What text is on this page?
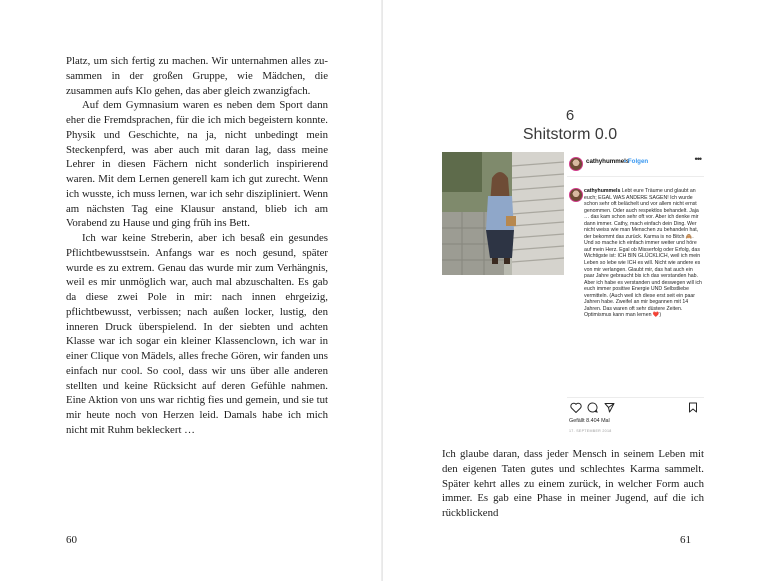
Platz, um sich fertig zu machen. Wir unternahmen alles zusammen in der großen Gruppe, wie Mädchen, die zusammen aufs Klo gehen, das aber gleich zwanzigfach.

Auf dem Gymnasium waren es neben dem Sport dann eher die Fremdsprachen, für die ich mich begeistern konnte. Physik und Geschichte, na ja, nicht unbedingt mein Steckenpferd, was aber auch mit daran lag, dass meine Lehrer in diesen Fächern nicht sonderlich inspirierend waren. Mit dem Lernen generell kam ich gut zurecht. Wenn ich wusste, ich muss lernen, war ich sehr diszipliniert. Wenn am nächsten Tag eine Klausur anstand, blieb ich am Vorabend zu Hause und ging früh ins Bett.

Ich war keine Streberin, aber ich besaß ein gesundes Pflichtbewusstsein. Anfangs war es noch gesund, später wurde es zu extrem. Genau das wurde mir zum Verhängnis, weil es mir unmöglich war, auch mal abzuschalten. Es gab da diese zwei Pole in mir: nach innen ehrgeizig, pflichtbewusst, verbissen; nach außen locker, lustig, den inneren Druck überspielend. In der siebten und achten Klasse war ich sogar ein kleiner Klassenclown, ich war in einer Clique von Mädels, alles freche Gören, wir fanden uns einfach nur cool. So cool, dass wir uns über alle anderen stellten und keine Rücksicht auf deren Gefühle nahmen. Eine Aktion von uns war richtig fies und gemein, und sie tut mir heute noch von Herzen leid. Damals habe ich mich nicht mit Ruhm bekleckert …

60
6
Shitstorm 0.0
cathyhummels
• Folgen	•••
cathyhummels Lebt eure Träume und glaubt an euch; EGAL WAS ANDERE SAGEN! Ich wurde schon sehr oft belächelt und vor allem nicht ernst genommen. Oder auch respektlos behandelt. Jaja … das kam schon sehr oft vor. Aber ich denke mir dann immer. Cathy, mach einfach dein Ding. Wer nicht weiss wie man Menschen zu behandeln hat, der bekommt das zurück. Karma is no Bitch 🙈. Und so mache ich einfach immer weiter und höre auf mein Herz. Egal ob Misserfolg oder Erfolg, das Wichtigste ist: ICH BIN GLÜCKLICH, weil ich mein Leben so lebe wie ICH es will. Nicht wie andere es von mir verlangen. Glaubt mir, das hat auch ein paar Jahre gebraucht bis ich das verstanden hab. Aber ich habe es verstanden und deswegen will ich euch immer positive Energie UND Selbstliebe vermitteln. (Auch weil ich diese erst seit ein paar Jahren habe. Zweifel an mir begannen mit 14 Jahren. Das waren oft sehr düstere Zeiten. Optimismus kann man lernen ❤️)
Gefällt 8.404 Mal
17. SEPTEMBER 2018

Ich glaube daran, dass jeder Mensch in seinem Leben mit den eigenen Taten gutes und schlechtes Karma sammelt. Später kehrt alles zu einem zurück, in welcher Form auch immer. Es gab eine Phase in meiner Jugend, auf die ich rückblickend

61
